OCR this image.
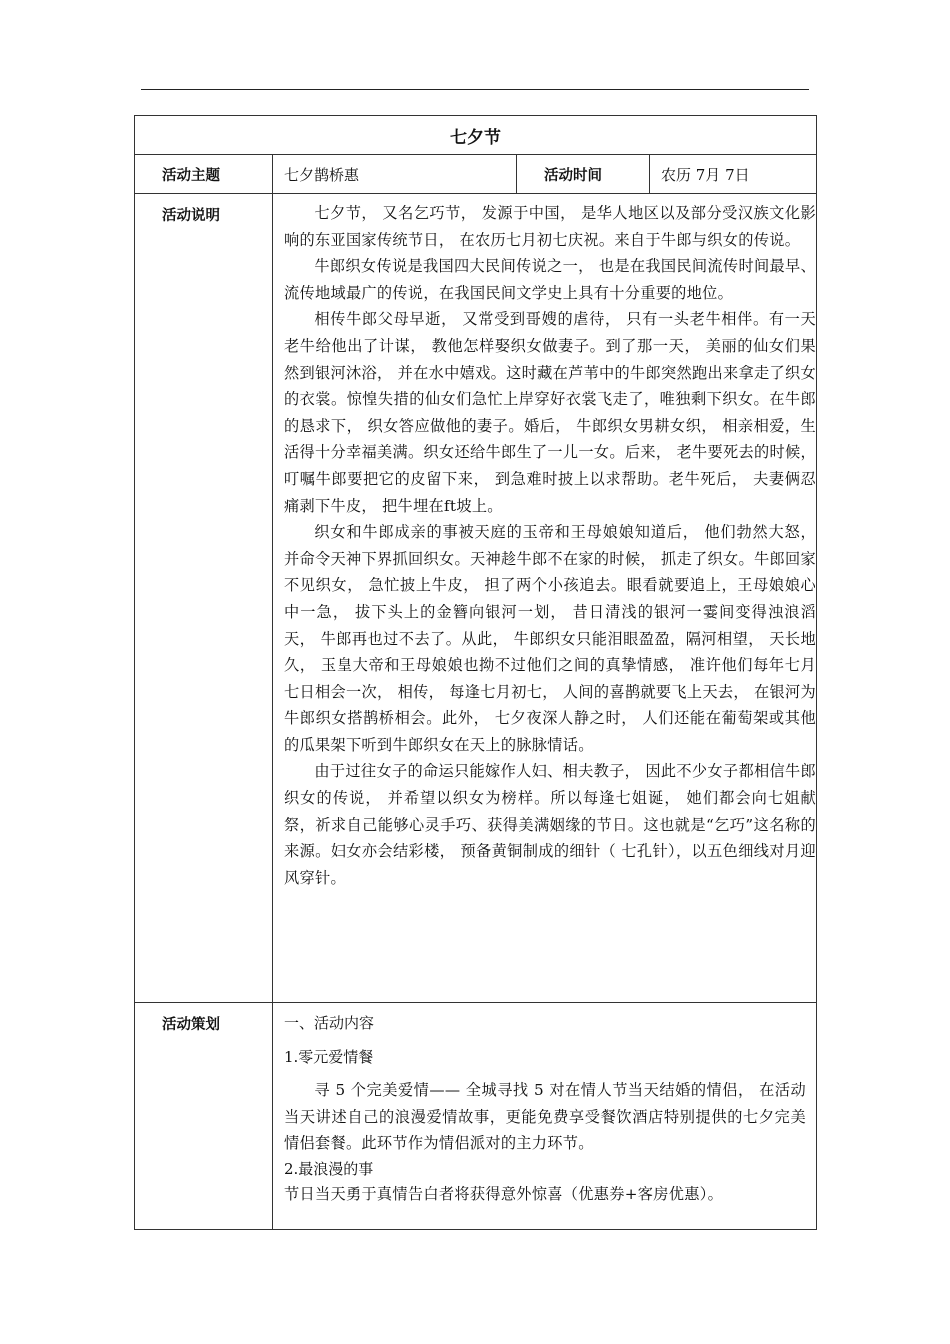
七夕节			
活动主题	七夕鹊桥惠	活动时间	农历 7月 7日
活动说明	七夕节， 又名乞巧节， 发源于中国， 是华人地区以及部分受汉族文化影响的东亚国家传统节日， 在农历七月初七庆祝。来自于牛郎与织女的传说。

牛郎织女传说是我国四大民间传说之一， 也是在我国民间流传时间最早、流传地域最广的传说，在我国民间文学史上具有十分重要的地位。

相传牛郎父母早逝， 又常受到哥嫂的虐待， 只有一头老牛相伴。有一天老牛给他出了计谋， 教他怎样娶织女做妻子。到了那一天， 美丽的仙女们果然到银河沐浴， 并在水中嬉戏。这时藏在芦苇中的牛郎突然跑出来拿走了织女的衣裳。惊惶失措的仙女们急忙上岸穿好衣裳飞走了，唯独剩下织女。在牛郎的恳求下， 织女答应做他的妻子。婚后， 牛郎织女男耕女织， 相亲相爱，生活得十分幸福美满。织女还给牛郎生了一儿一女。后来， 老牛要死去的时候， 叮嘱牛郎要把它的皮留下来， 到急难时披上以求帮助。老牛死后， 夫妻俩忍痛剥下牛皮， 把牛埋在ft坡上。

织女和牛郎成亲的事被天庭的玉帝和王母娘娘知道后， 他们勃然大怒， 并命令天神下界抓回织女。天神趁牛郎不在家的时候， 抓走了织女。牛郎回家不见织女， 急忙披上牛皮， 担了两个小孩追去。眼看就要追上，王母娘娘心中一急， 拔下头上的金簪向银河一划， 昔日清浅的银河一霎间变得浊浪滔天， 牛郎再也过不去了。从此， 牛郎织女只能泪眼盈盈，隔河相望， 天长地久， 玉皇大帝和王母娘娘也拗不过他们之间的真挚情感， 准许他们每年七月七日相会一次， 相传， 每逢七月初七， 人间的喜鹊就要飞上天去， 在银河为牛郎织女搭鹊桥相会。此外， 七夕夜深人静之时， 人们还能在葡萄架或其他的瓜果架下听到牛郎织女在天上的脉脉情话。

由于过往女子的命运只能嫁作人妇、相夫教子， 因此不少女子都相信牛郎织女的传说， 并希望以织女为榜样。所以每逢七姐诞， 她们都会向七姐献祭，祈求自己能够心灵手巧、获得美满姻缘的节日。这也就是“乞巧”这名称的来源。妇女亦会结彩楼， 预备黄铜制成的细针（ 七孔针），以五色细线对月迎风穿针。		

活动策划	一、活动内容
1.零元爱情餐

寻 5 个完美爱情—— 全城寻找 5 对在情人节当天结婚的情侣， 在活动当天讲述自己的浪漫爱情故事，更能免费享受餐饮酒店特别提供的七夕完美情侣套餐。此环节作为情侣派对的主力环节。

2.最浪漫的事

节日当天勇于真情告白者将获得意外惊喜（优惠券+客房优惠）。		
